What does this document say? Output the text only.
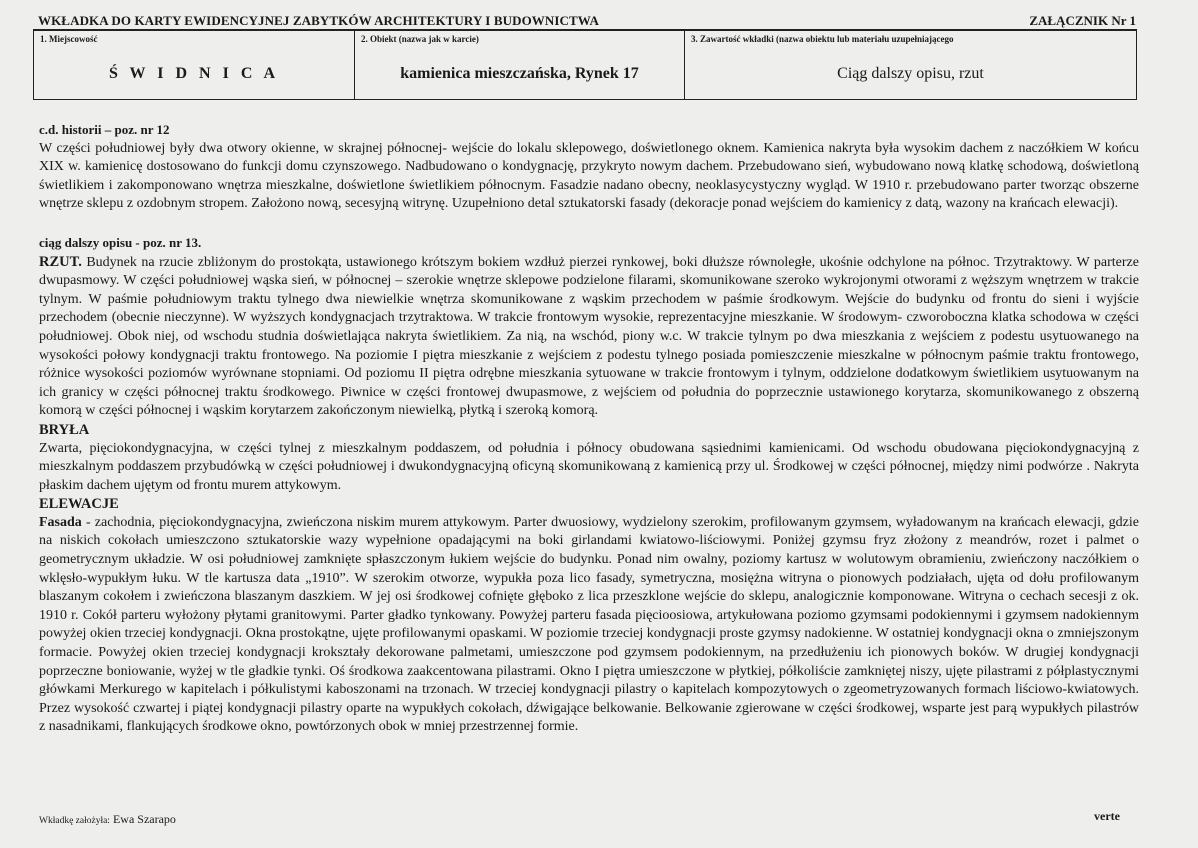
WKŁADKA DO KARTY EWIDENCYJNEJ ZABYTKÓW ARCHITEKTURY I BUDOWNICTWA	ZAŁĄCZNIK Nr 1
1. Miejscowość
Ś W I D N I C A
2. Obiekt (nazwa jak w karcie)
kamienica mieszczańska, Rynek 17
3. Zawartość wkładki (nazwa obiektu lub materiału uzupełniającego
Ciąg dalszy opisu, rzut

c.d. historii – poz. nr 12

W części południowej były dwa otwory okienne, w skrajnej północnej- wejście do lokalu sklepowego, doświetlonego oknem. Kamienica nakryta była wysokim dachem z naczółkiem W końcu XIX w. kamienicę dostosowano do funkcji domu czynszowego. Nadbudowano o kondygnację, przykryto nowym dachem. Przebudowano sień, wybudowano nową klatkę schodową, doświetloną świetlikiem i zakomponowano wnętrza mieszkalne, doświetlone świetlikiem północnym. Fasadzie nadano obecny, neoklasycystyczny wygląd. W 1910 r. przebudowano parter tworząc obszerne wnętrze sklepu z ozdobnym stropem. Założono nową, secesyjną witrynę. Uzupełniono detal sztukatorski fasady (dekoracje ponad wejściem do kamienicy z datą, wazony na krańcach elewacji).

ciąg dalszy opisu - poz. nr 13.

RZUT. Budynek na rzucie zbliżonym do prostokąta, ustawionego krótszym bokiem wzdłuż pierzei rynkowej, boki dłuższe równoległe, ukośnie odchylone na północ. Trzytraktowy. W parterze dwupasmowy. W części południowej wąska sień, w północnej – szerokie wnętrze sklepowe podzielone filarami, skomunikowane szeroko wykrojonymi otworami z węższym wnętrzem w trakcie tylnym. W paśmie południowym traktu tylnego dwa niewielkie wnętrza skomunikowane z wąskim przechodem w paśmie środkowym. Wejście do budynku od frontu do sieni i wyjście przechodem (obecnie nieczynne). W wyższych kondygnacjach trzytraktowa. W trakcie frontowym wysokie, reprezentacyjne mieszkanie. W środowym- czworoboczna klatka schodowa w części południowej. Obok niej, od wschodu studnia doświetlająca nakryta świetlikiem. Za nią, na wschód, piony w.c. W trakcie tylnym po dwa mieszkania z wejściem z podestu usytuowanego na wysokości połowy kondygnacji traktu frontowego. Na poziomie I piętra mieszkanie z wejściem z podestu tylnego posiada pomieszczenie mieszkalne w północnym paśmie traktu frontowego, różnice wysokości poziomów wyrównane stopniami. Od poziomu II piętra odrębne mieszkania sytuowane w trakcie frontowym i tylnym, oddzielone dodatkowym świetlikiem usytuowanym na ich granicy w części północnej traktu środkowego. Piwnice w części frontowej dwupasmowe, z wejściem od południa do poprzecznie ustawionego korytarza, skomunikowanego z obszerną komorą w części północnej i wąskim korytarzem zakończonym niewielką, płytką i szeroką komorą.

BRYŁA

Zwarta, pięciokondygnacyjna, w części tylnej z mieszkalnym poddaszem, od południa i północy obudowana sąsiednimi kamienicami. Od wschodu obudowana pięciokondygnacyjną z mieszkalnym poddaszem przybudówką w części południowej i dwukondygnacyjną oficyną skomunikowaną z kamienicą przy ul. Środkowej w części północnej, między nimi podwórze . Nakryta płaskim dachem ujętym od frontu murem attykowym.

ELEWACJE

Fasada - zachodnia, pięciokondygnacyjna, zwieńczona niskim murem attykowym. Parter dwuosiowy, wydzielony szerokim, profilowanym gzymsem, wyładowanym na krańcach elewacji, gdzie na niskich cokołach umieszczono sztukatorskie wazy wypełnione opadającymi na boki girlandami kwiatowo-liściowymi. Poniżej gzymsu fryz złożony z meandrów, rozet i palmet o geometrycznym układzie. W osi południowej zamknięte spłaszczonym łukiem wejście do budynku. Ponad nim owalny, poziomy kartusz w wolutowym obramieniu, zwieńczony naczółkiem o wklęsło-wypukłym łuku. W tle kartusza data „1910”. W szerokim otworze, wypukła poza lico fasady, symetryczna, mosiężna witryna o pionowych podziałach, ujęta od dołu profilowanym blaszanym cokołem i zwieńczona blaszanym daszkiem. W jej osi środkowej cofnięte głęboko z lica przeszklone wejście do sklepu, analogicznie komponowane. Witryna o cechach secesji z ok. 1910 r. Cokół parteru wyłożony płytami granitowymi. Parter gładko tynkowany. Powyżej parteru fasada pięcioosiowa, artykułowana poziomo gzymsami podokiennymi i gzymsem nadokiennym powyżej okien trzeciej kondygnacji. Okna prostokątne, ujęte profilowanymi opaskami. W poziomie trzeciej kondygnacji proste gzymsy nadokienne. W ostatniej kondygnacji okna o zmniejszonym formacie. Powyżej okien trzeciej kondygnacji krokształy dekorowane palmetami, umieszczone pod gzymsem podokiennym, na przedłużeniu ich pionowych boków. W drugiej kondygnacji poprzeczne boniowanie, wyżej w tle gładkie tynki. Oś środkowa zaakcentowana pilastrami. Okno I piętra umieszczone w płytkiej, półkoliście zamkniętej niszy, ujęte pilastrami z półplastycznymi główkami Merkurego w kapitelach i półkulistymi kaboszonami na trzonach. W trzeciej kondygnacji pilastry o kapitelach kompozytowych o zgeometryzowanych formach liściowo-kwiatowych. Przez wysokość czwartej i piątej kondygnacji pilastry oparte na wypukłych cokołach, dźwigające belkowanie. Belkowanie zgierowane w części środkowej, wsparte jest parą wypukłych pilastrów z nasadnikami, flankujących środkowe okno, powtórzonych obok w mniej przestrzennej formie.

Wkładkę założyła: Ewa Szarapo	verte
